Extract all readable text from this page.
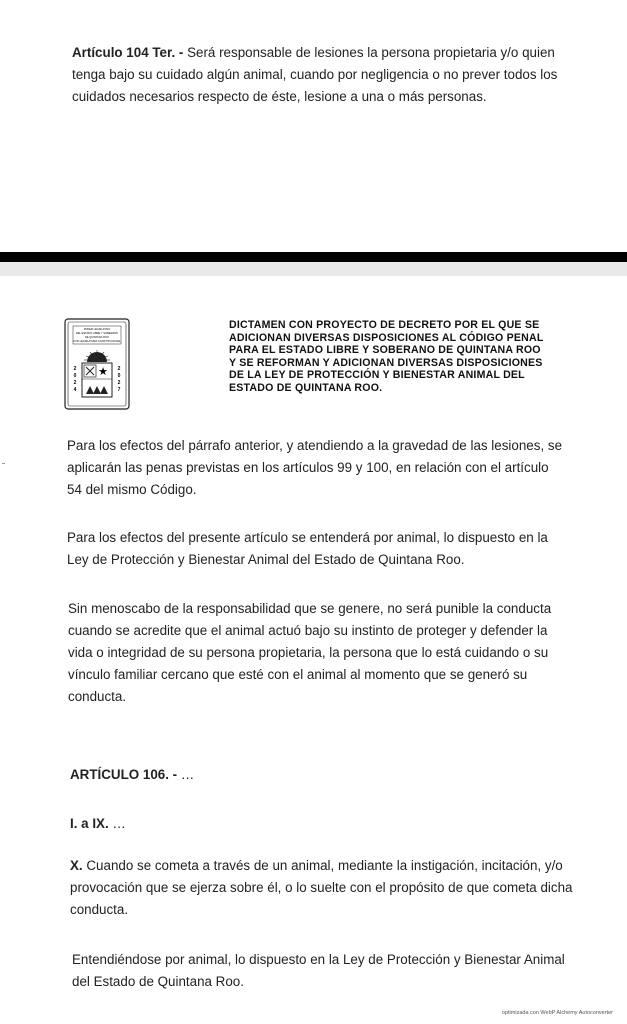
Artículo 104 Ter. - Será responsable de lesiones la persona propietaria y/o quien
tenga bajo su cuidado algún animal, cuando por negligencia o no prever todos los
cuidados necesarios respecto de éste, lesione a una o más personas.
PODER LEGISLATIVO
DEL ESTADO LIBRE Y SOBERANO
DE QUINTANA ROO
XVIII LEGISLATURA CONSTITUCIONAL
★
2
0
2
4
2
0
2
7
DICTAMEN CON PROYECTO DE DECRETO POR EL QUE SE
ADICIONAN DIVERSAS DISPOSICIONES AL CÓDIGO PENAL
PARA EL ESTADO LIBRE Y SOBERANO DE QUINTANA ROO
Y SE REFORMAN Y ADICIONAN DIVERSAS DISPOSICIONES
DE LA LEY DE PROTECCIÓN Y BIENESTAR ANIMAL DEL
ESTADO DE QUINTANA ROO.
Para los efectos del párrafo anterior, y atendiendo a la gravedad de las lesiones, se
aplicarán las penas previstas en los artículos 99 y 100, en relación con el artículo
54 del mismo Código.
Para los efectos del presente artículo se entenderá por animal, lo dispuesto en la
Ley de Protección y Bienestar Animal del Estado de Quintana Roo.
Sin menoscabo de la responsabilidad que se genere, no será punible la conducta
cuando se acredite que el animal actuó bajo su instinto de proteger y defender la
vida o integridad de su persona propietaria, la persona que lo está cuidando o su
vínculo familiar cercano que esté con el animal al momento que se generó su
conducta.
ARTÍCULO 106. - …
I. a IX. …
X. Cuando se cometa a través de un animal, mediante la instigación, incitación, y/o
provocación que se ejerza sobre él, o lo suelte con el propósito de que cometa dicha
conducta.
Entendiéndose por animal, lo dispuesto en la Ley de Protección y Bienestar Animal
del Estado de Quintana Roo.
optimizada con WebP Alchemy Autoconverter
